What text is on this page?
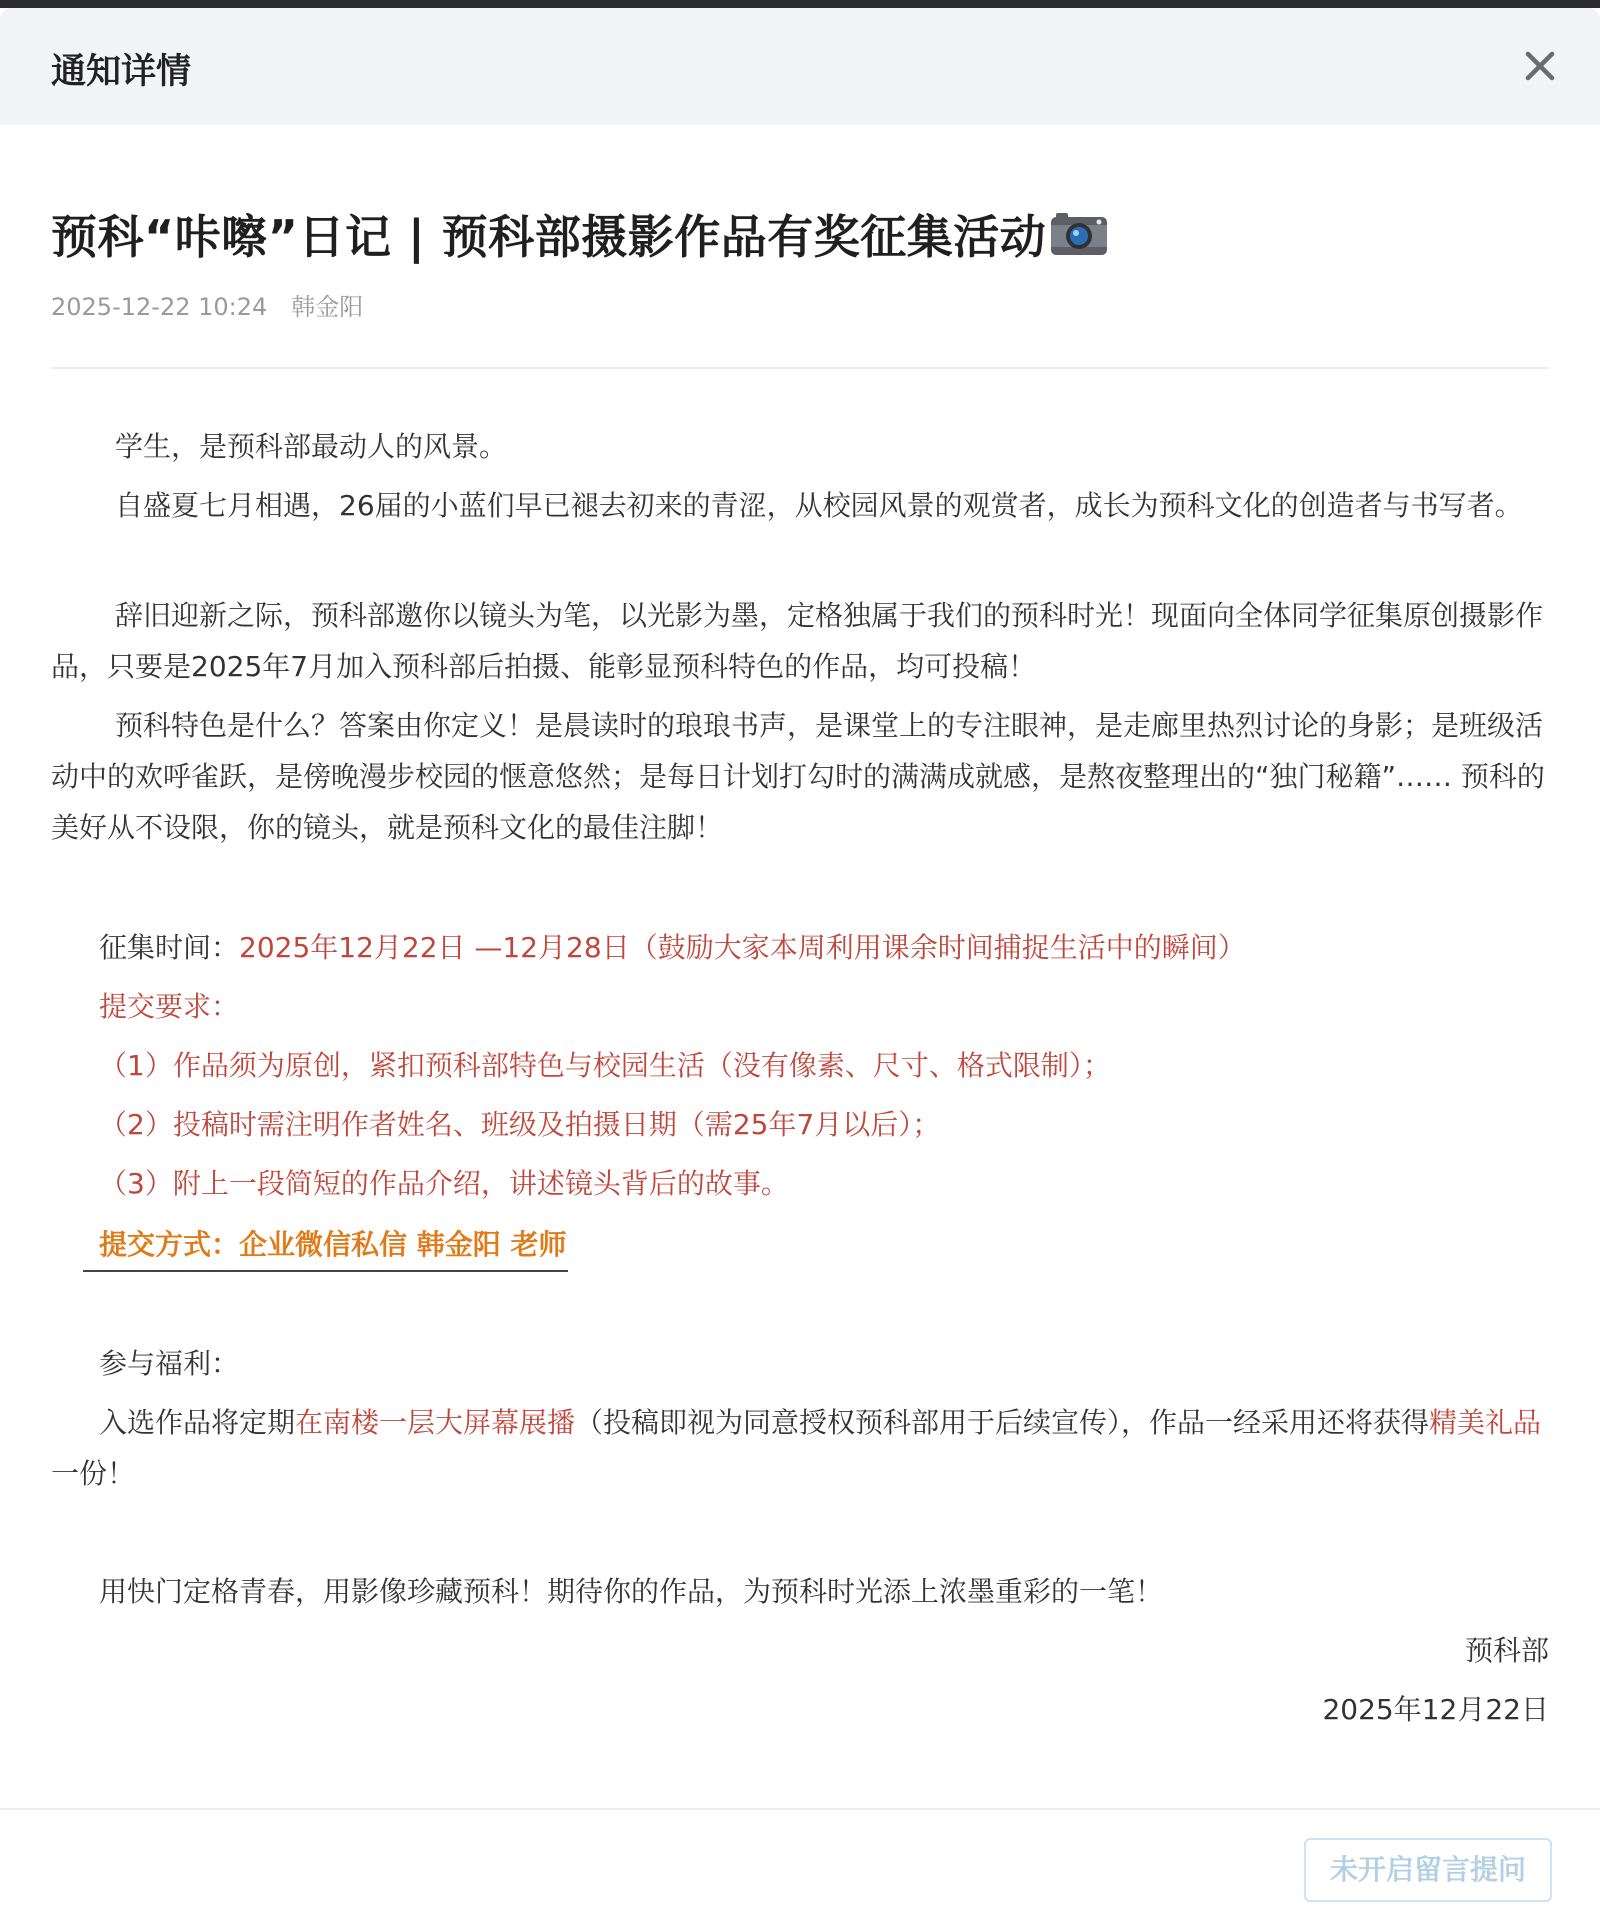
通知详情
预科“咔嚓”日记 | 预科部摄影作品有奖征集活动
2025-12-22 10:24 韩金阳
学生，是预科部最动人的风景。
自盛夏七月相遇，26届的小蓝们早已褪去初来的青涩，从校园风景的观赏者，成长为预科文化的创造者与书写者。
辞旧迎新之际，预科部邀你以镜头为笔，以光影为墨，定格独属于我们的预科时光！现面向全体同学征集原创摄影作品，只要是2025年7月加入预科部后拍摄、能彰显预科特色的作品，均可投稿！
预科特色是什么？答案由你定义！是晨读时的琅琅书声，是课堂上的专注眼神，是走廊里热烈讨论的身影；是班级活动中的欢呼雀跃，是傍晚漫步校园的惬意悠然；是每日计划打勾时的满满成就感，是熬夜整理出的“独门秘籍”…… 预科的美好从不设限，你的镜头，就是预科文化的最佳注脚！
征集时间：2025年12月22日 —12月28日（鼓励大家本周利用课余时间捕捉生活中的瞬间）
提交要求：
（1）作品须为原创，紧扣预科部特色与校园生活（没有像素、尺寸、格式限制）；
（2）投稿时需注明作者姓名、班级及拍摄日期（需25年7月以后）；
（3）附上一段简短的作品介绍，讲述镜头背后的故事。
提交方式：企业微信私信 韩金阳 老师
参与福利：
入选作品将定期在南楼一层大屏幕展播（投稿即视为同意授权预科部用于后续宣传），作品一经采用还将获得精美礼品一份！
用快门定格青春，用影像珍藏预科！期待你的作品，为预科时光添上浓墨重彩的一笔！
预科部
2025年12月22日
未开启留言提问
